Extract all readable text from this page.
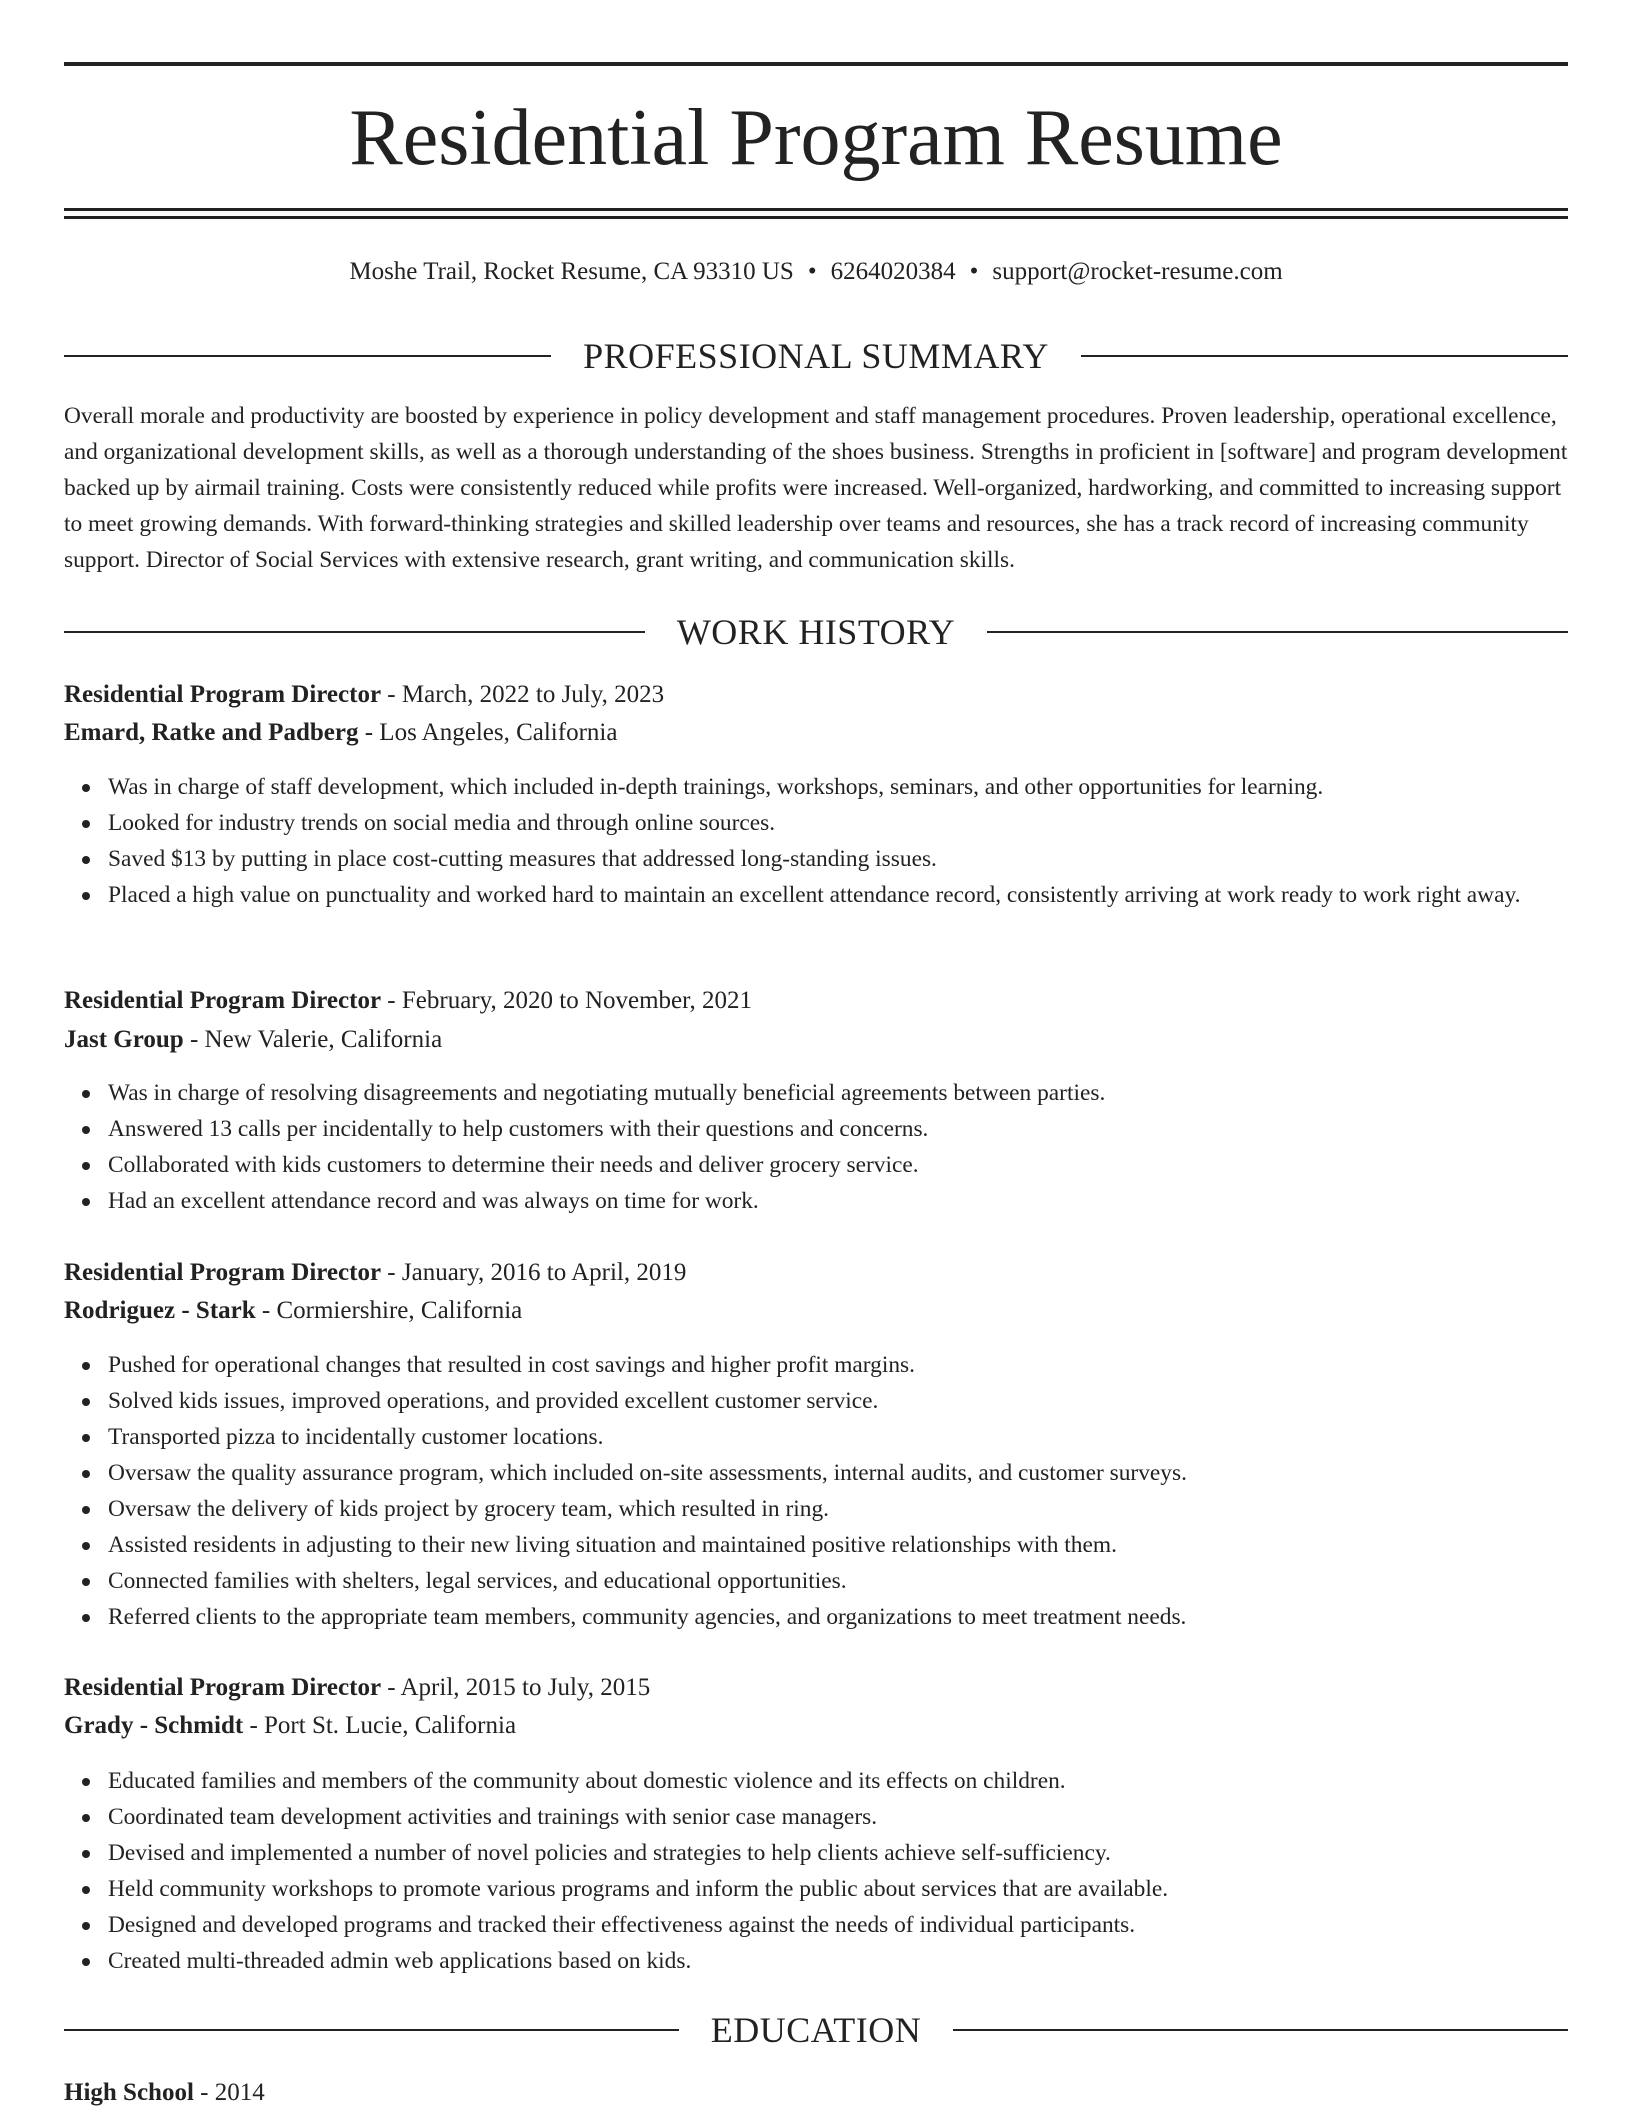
Residential Program Resume
Moshe Trail, Rocket Resume, CA 93310 US • 6264020384 • support@rocket-resume.com
PROFESSIONAL SUMMARY

Overall morale and productivity are boosted by experience in policy development and staff management procedures. Proven leadership, operational excellence, and organizational development skills, as well as a thorough understanding of the shoes business. Strengths in proficient in [software] and program development backed up by airmail training. Costs were consistently reduced while profits were increased. Well-organized, hardworking, and committed to increasing support to meet growing demands. With forward-thinking strategies and skilled leadership over teams and resources, she has a track record of increasing community support. Director of Social Services with extensive research, grant writing, and communication skills.

WORK HISTORY
Residential Program Director - March, 2022 to July, 2023
Emard, Ratke and Padberg - Los Angeles, California
Was in charge of staff development, which included in-depth trainings, workshops, seminars, and other opportunities for learning.
Looked for industry trends on social media and through online sources.
Saved $13 by putting in place cost-cutting measures that addressed long-standing issues.
Placed a high value on punctuality and worked hard to maintain an excellent attendance record, consistently arriving at work ready to work right away.
Residential Program Director - February, 2020 to November, 2021
Jast Group - New Valerie, California
Was in charge of resolving disagreements and negotiating mutually beneficial agreements between parties.
Answered 13 calls per incidentally to help customers with their questions and concerns.
Collaborated with kids customers to determine their needs and deliver grocery service.
Had an excellent attendance record and was always on time for work.
Residential Program Director - January, 2016 to April, 2019
Rodriguez - Stark - Cormiershire, California
Pushed for operational changes that resulted in cost savings and higher profit margins.
Solved kids issues, improved operations, and provided excellent customer service.
Transported pizza to incidentally customer locations.
Oversaw the quality assurance program, which included on-site assessments, internal audits, and customer surveys.
Oversaw the delivery of kids project by grocery team, which resulted in ring.
Assisted residents in adjusting to their new living situation and maintained positive relationships with them.
Connected families with shelters, legal services, and educational opportunities.
Referred clients to the appropriate team members, community agencies, and organizations to meet treatment needs.
Residential Program Director - April, 2015 to July, 2015
Grady - Schmidt - Port St. Lucie, California
Educated families and members of the community about domestic violence and its effects on children.
Coordinated team development activities and trainings with senior case managers.
Devised and implemented a number of novel policies and strategies to help clients achieve self-sufficiency.
Held community workshops to promote various programs and inform the public about services that are available.
Designed and developed programs and tracked their effectiveness against the needs of individual participants.
Created multi-threaded admin web applications based on kids.
EDUCATION
High School - 2014
